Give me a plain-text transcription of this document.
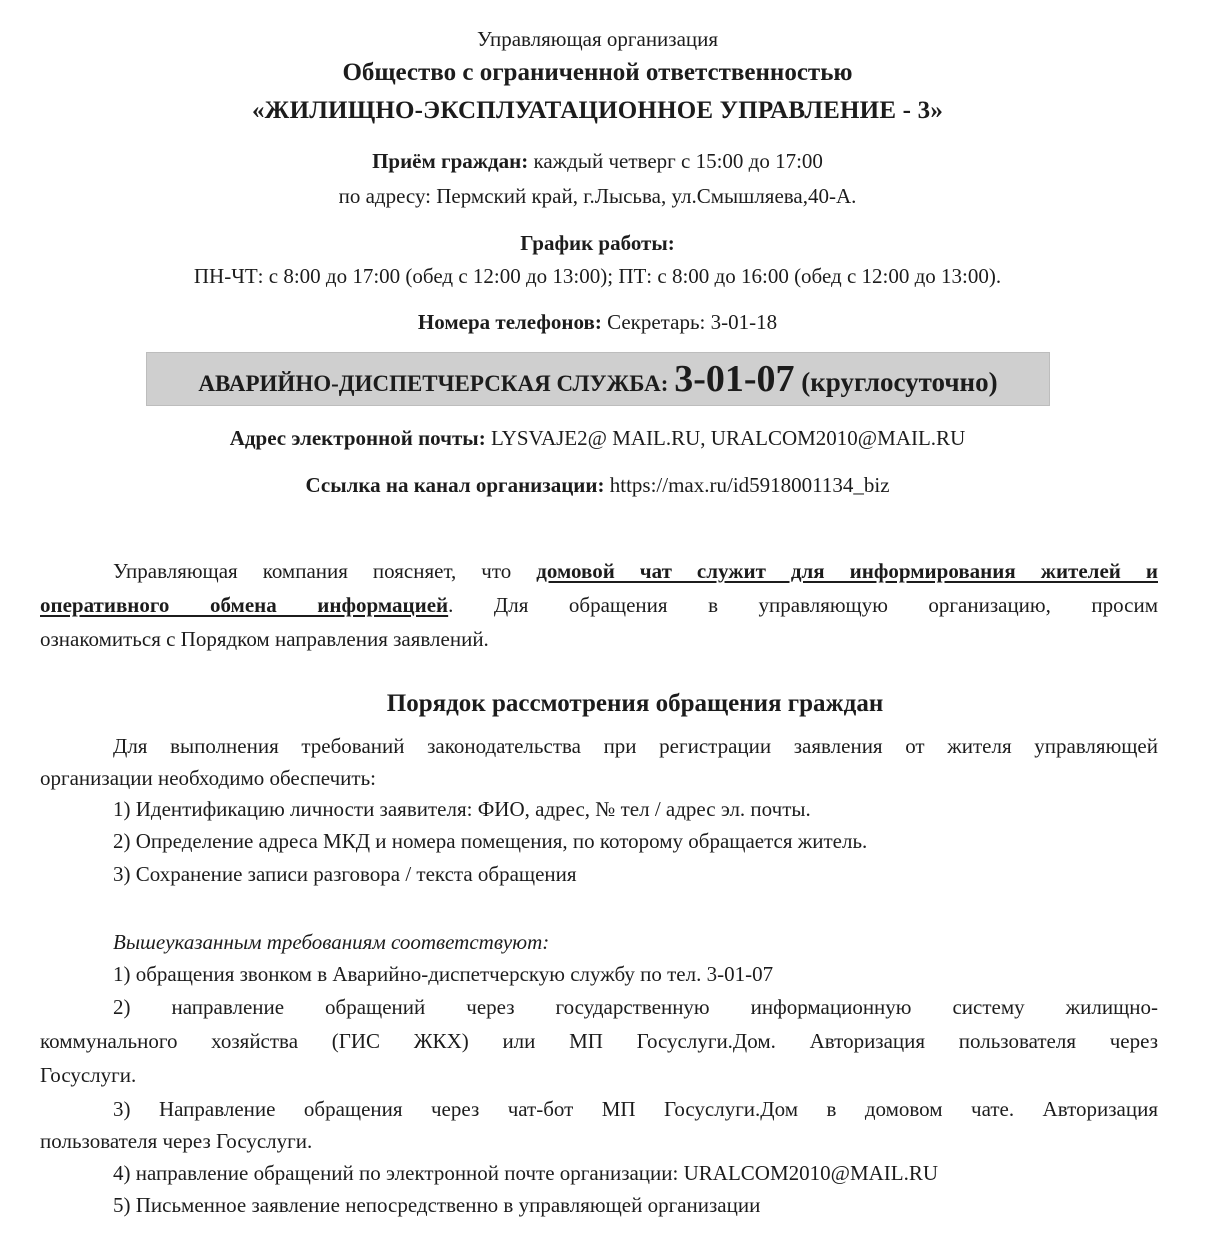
Управляющая организация
Общество с ограниченной ответственностью
«ЖИЛИЩНО-ЭКСПЛУАТАЦИОННОЕ УПРАВЛЕНИЕ - 3»
Приём граждан: каждый четверг с 15:00 до 17:00
по адресу: Пермский край, г.Лысьва, ул.Смышляева,40-А.
График работы:
ПН-ЧТ: с 8:00 до 17:00 (обед с 12:00 до 13:00); ПТ: с 8:00 до 16:00 (обед с 12:00 до 13:00).
Номера телефонов: Секретарь: 3-01-18
АВАРИЙНО-ДИСПЕТЧЕРСКАЯ СЛУЖБА: 3-01-07 (круглосуточно)
Адрес электронной почты: LYSVAJE2@ MAIL.RU, URALCOM2010@MAIL.RU
Ссылка на канал организации: https://max.ru/id5918001134_biz
Управляющая компания поясняет, что домовой чат служит для информирования жителей и
оперативного обмена информацией. Для обращения в управляющую организацию, просим
ознакомиться с Порядком направления заявлений.
Порядок рассмотрения обращения граждан
Для выполнения требований законодательства при регистрации заявления от жителя управляющей
организации необходимо обеспечить:
1) Идентификацию личности заявителя: ФИО, адрес, № тел / адрес эл. почты.
2) Определение адреса МКД и номера помещения, по которому обращается житель.
3) Сохранение записи разговора / текста обращения
Вышеуказанным требованиям соответствуют:
1) обращения звонком в Аварийно-диспетчерскую службу по тел. 3-01-07
2) направление обращений через государственную информационную систему жилищно-
коммунального хозяйства (ГИС ЖКХ) или МП Госуслуги.Дом. Авторизация пользователя через
Госуслуги.
3) Направление обращения через чат-бот МП Госуслуги.Дом в домовом чате. Авторизация
пользователя через Госуслуги.
4) направление обращений по электронной почте организации: URALCOM2010@MAIL.RU
5) Письменное заявление непосредственно в управляющей организации
